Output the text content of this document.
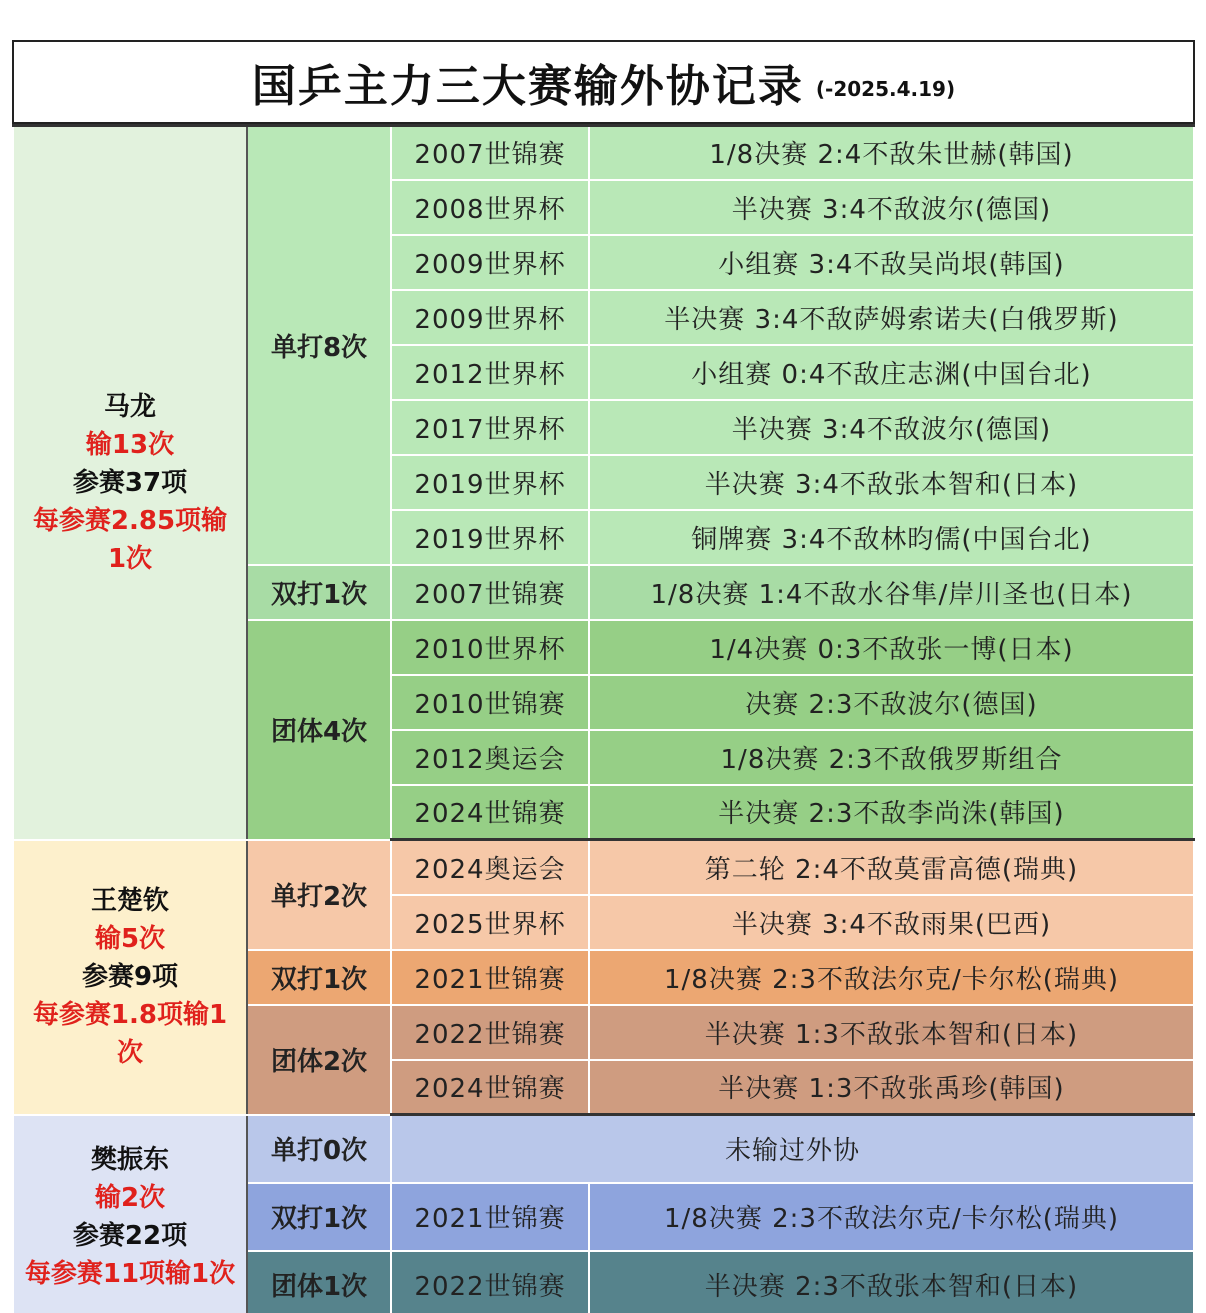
国乒主力三大赛输外协记录 (-2025.4.19)
马龙
输13次
参赛37项
每参赛2.85项输1次	单打8次	2007世锦赛	1/8决赛 2:4不敌朱世赫(韩国)
		2008世界杯	半决赛 3:4不敌波尔(德国)
		2009世界杯	小组赛 3:4不敌吴尚垠(韩国)
		2009世界杯	半决赛 3:4不敌萨姆索诺夫(白俄罗斯)
		2012世界杯	小组赛 0:4不敌庄志渊(中国台北)
		2017世界杯	半决赛 3:4不敌波尔(德国)
		2019世界杯	半决赛 3:4不敌张本智和(日本)
		2019世界杯	铜牌赛 3:4不敌林昀儒(中国台北)
	双打1次	2007世锦赛	1/8决赛 1:4不敌水谷隼/岸川圣也(日本)
	团体4次	2010世界杯	1/4决赛 0:3不敌张一博(日本)
		2010世锦赛	决赛 2:3不敌波尔(德国)
		2012奥运会	1/8决赛 2:3不敌俄罗斯组合
		2024世锦赛	半决赛 2:3不敌李尚洙(韩国)

王楚钦
输5次
参赛9项
每参赛1.8项输1次	单打2次	2024奥运会	第二轮 2:4不敌莫雷高德(瑞典)
		2025世界杯	半决赛 3:4不敌雨果(巴西)
	双打1次	2021世锦赛	1/8决赛 2:3不敌法尔克/卡尔松(瑞典)
	团体2次	2022世锦赛	半决赛 1:3不敌张本智和(日本)
		2024世锦赛	半决赛 1:3不敌张禹珍(韩国)

樊振东
输2次
参赛22项
每参赛11项输1次	单打0次	未输过外协	
	双打1次	2021世锦赛	1/8决赛 2:3不敌法尔克/卡尔松(瑞典)
	团体1次	2022世锦赛	半决赛 2:3不敌张本智和(日本)
